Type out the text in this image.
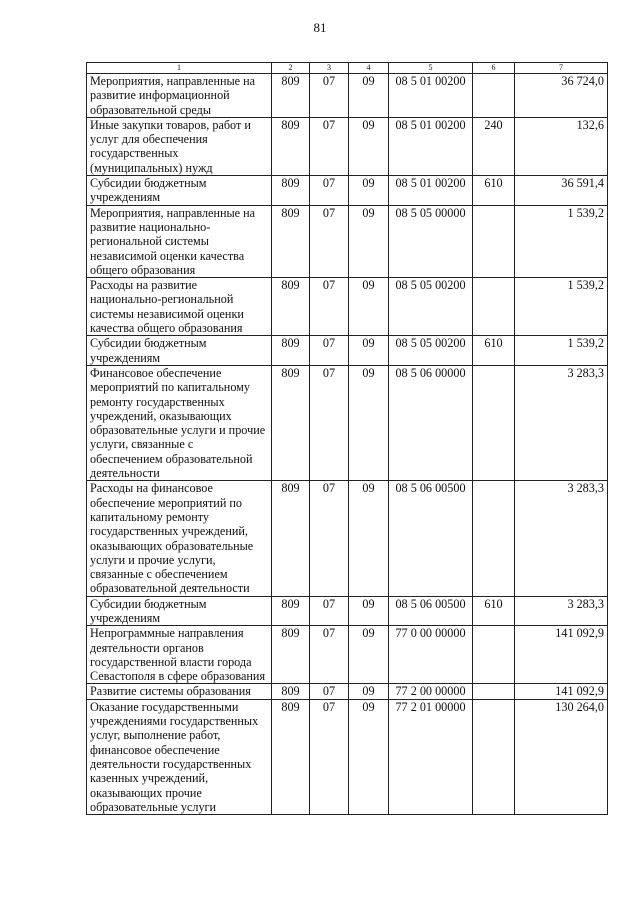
81
1	2	3	4	5	6	7
Мероприятия, направленные на развитие информационной образовательной среды	809	07	09	08 5 01 00200		36 724,0
Иные закупки товаров, работ и услуг для обеспечения государственных (муниципальных) нужд	809	07	09	08 5 01 00200	240	132,6
Субсидии бюджетным учреждениям	809	07	09	08 5 01 00200	610	36 591,4
Мероприятия, направленные на развитие национально-региональной системы независимой оценки качества общего образования	809	07	09	08 5 05 00000		1 539,2
Расходы на развитие национально-региональной системы независимой оценки качества общего образования	809	07	09	08 5 05 00200		1 539,2
Субсидии бюджетным учреждениям	809	07	09	08 5 05 00200	610	1 539,2
Финансовое обеспечение мероприятий по капитальному ремонту государственных учреждений, оказывающих образовательные услуги и прочие услуги, связанные с обеспечением образовательной деятельности	809	07	09	08 5 06 00000		3 283,3
Расходы на финансовое обеспечение мероприятий по капитальному ремонту государственных учреждений, оказывающих образовательные услуги и прочие услуги, связанные с обеспечением образовательной деятельности	809	07	09	08 5 06 00500		3 283,3
Субсидии бюджетным учреждениям	809	07	09	08 5 06 00500	610	3 283,3
Непрограммные направления деятельности органов государственной власти города Севастополя в сфере образования	809	07	09	77 0 00 00000		141 092,9
Развитие системы образования	809	07	09	77 2 00 00000		141 092,9
Оказание государственными учреждениями государственных услуг, выполнение работ, финансовое обеспечение деятельности государственных казенных учреждений, оказывающих прочие образовательные услуги	809	07	09	77 2 01 00000		130 264,0
